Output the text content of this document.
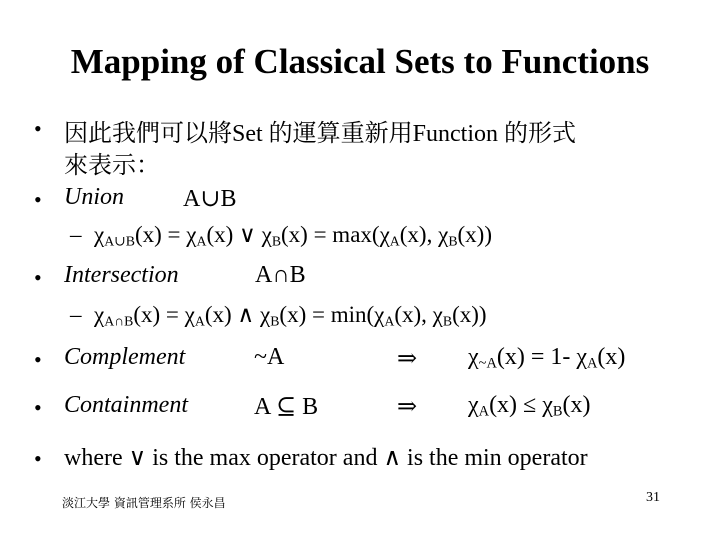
Mapping of Classical Sets to Functions
• 因此我們可以將Set 的運算重新用Function 的形式
來表示：
• Union A∪B
– $\chi_{A\cup B}(x) = \chi_A(x)$ ∨ $\chi_B(x) = \max(\chi_A(x)$, $\chi_B(x)$)
• Intersection	A∩B
– $\chi_{A\cap B}(x) = \chi_A(x)$ ∧ $\chi_B(x) = \min(\chi_A(x)$, $\chi_B(x)$)
• Complement	~A	⇒ $\chi_{\sim A}(x) = 1-$ $\chi_A(x)$
• Containment	A ⊆ B	⇒ $\chi_A(x) \le \chi_B(x)$
• where ∨ is the max operator and ∧ is the min operator
淡江大學 資訊管理系所 侯永昌	31
